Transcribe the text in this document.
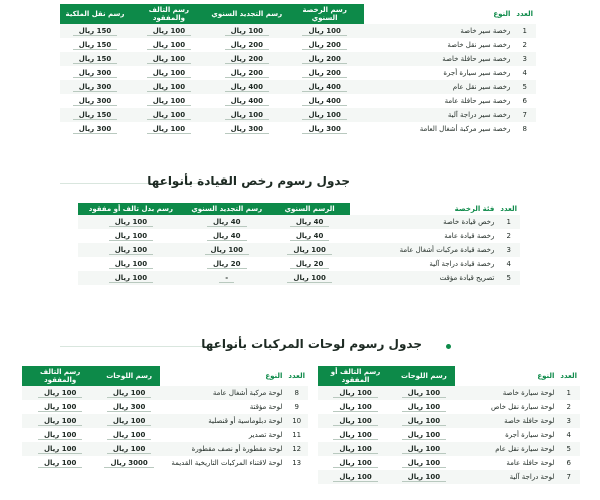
العدد	النوع	رسم الرخصة السنوي	رسم التجديد السنوي	رسم التالف والمفقود	رسم نقل الملكية
1	رخصة سير خاصة	100 ريال	100 ريال	100 ريال	150 ريال
2	رخصة سير نقل خاصة	200 ريال	200 ريال	100 ريال	150 ريال
3	رخصة سير حافلة خاصة	200 ريال	200 ريال	100 ريال	150 ريال
4	رخصة سير سيارة أجرة	200 ريال	200 ريال	100 ريال	300 ريال
5	رخصة سير نقل عام	400 ريال	400 ريال	100 ريال	300 ريال
6	رخصة سير حافلة عامة	400 ريال	400 ريال	100 ريال	300 ريال
7	رخصة سير دراجة آلية	100 ريال	100 ريال	100 ريال	150 ريال
8	رخصة سير مركبة أشغال العامة	300 ريال	300 ريال	100 ريال	300 ريال
جدول رسوم رخص القيادة بأنواعها
العدد	فئة الرخصة	الرسم السنوي	رسم التجديد السنوي	رسم بدل تالف أو مفقود
1	رخص قيادة خاصة	40 ريال	40 ريال	100 ريال
2	رخصة قيادة عامة	40 ريال	40 ريال	100 ريال
3	رخصة قيادة مركبات أشغال عامة	100 ريال	100 ريال	100 ريال
4	رخصة قيادة دراجة آلية	20 ريال	20 ريال	100 ريال
5	تصريح قيادة مؤقت	100 ريال	-	100 ريال
جدول رسوم لوحات المركبات بأنواعها
العدد	النوع	رسم اللوحات	رسم التالف أو المفقود
1	لوحة سيارة خاصة	100 ريال	100 ريال
2	لوحة سيارة نقل خاص	100 ريال	100 ريال
3	لوحة حافلة خاصة	100 ريال	100 ريال
4	لوحة سيارة أجرة	100 ريال	100 ريال
5	لوحة سيارة نقل عام	100 ريال	100 ريال
6	لوحة حافلة عامة	100 ريال	100 ريال
7	لوحة دراجة آلية	100 ريال	100 ريال
العدد	النوع	رسم اللوحات	رسم التالف والمفقود
8	لوحة مركبة أشغال عامة	100 ريال	100 ريال
9	لوحة مؤقتة	300 ريال	100 ريال
10	لوحة دبلوماسية أو قنصلية	100 ريال	100 ريال
11	لوحة تصدير	100 ريال	100 ريال
12	لوحة مقطورة أو نصف مقطورة	100 ريال	100 ريال
13	لوحة لاقتناء المركبات التاريخية القديمة	3000 ريال	100 ريال
